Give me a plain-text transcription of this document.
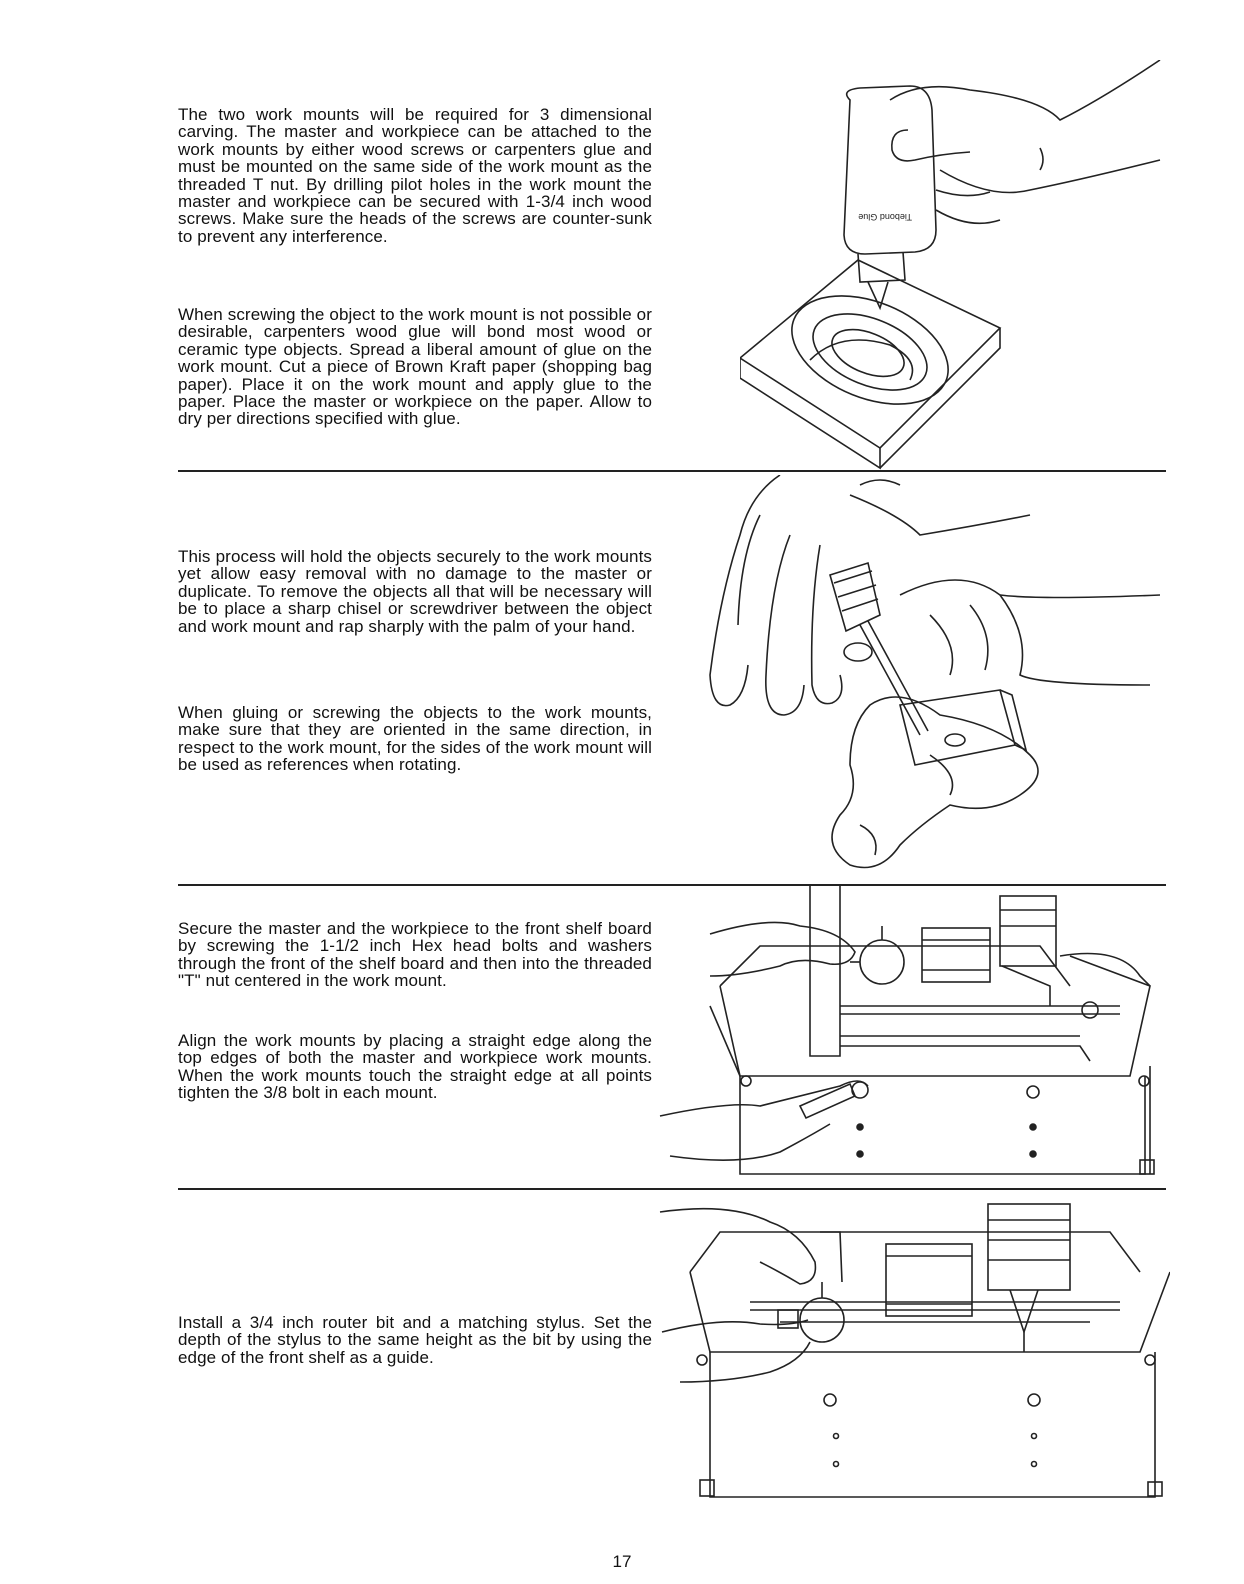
The two work mounts will be required for 3 dimensional carving. The master and workpiece can be attached to the work mounts by either wood screws or carpenters glue and must be mounted on the same side of the work mount as the threaded T nut. By drilling pilot holes in the work mount the master and workpiece can be secured with 1-3/4 inch wood screws. Make sure the heads of the screws are counter-sunk to prevent any interference.

When screwing the object to the work mount is not possible or desirable, carpenters wood glue will bond most wood or ceramic type objects. Spread a liberal amount of glue on the work mount. Cut a piece of Brown Kraft paper (shopping bag paper). Place it on the work mount and apply glue to the paper. Place the master or workpiece on the paper. Allow to dry per directions specified with glue.

Tiebond Glue

This process will hold the objects securely to the work mounts yet allow easy removal with no damage to the master or duplicate. To remove the objects all that will be necessary will be to place a sharp chisel or screwdriver between the object and work mount and rap sharply with the palm of your hand.

When gluing or screwing the objects to the work mounts, make sure that they are oriented in the same direction, in respect to the work mount, for the sides of the work mount will be used as references when rotating.

Secure the master and the workpiece to the front shelf board by screwing the 1-1/2 inch Hex head bolts and washers through the front of the shelf board and then into the threaded "T" nut centered in the work mount.

Align the work mounts by placing a straight edge along the top edges of both the master and workpiece work mounts. When the work mounts touch the straight edge at all points tighten the 3/8 bolt in each mount.

Install a 3/4 inch router bit and a matching stylus. Set the depth of the stylus to the same height as the bit by using the edge of the front shelf as a guide.

17
